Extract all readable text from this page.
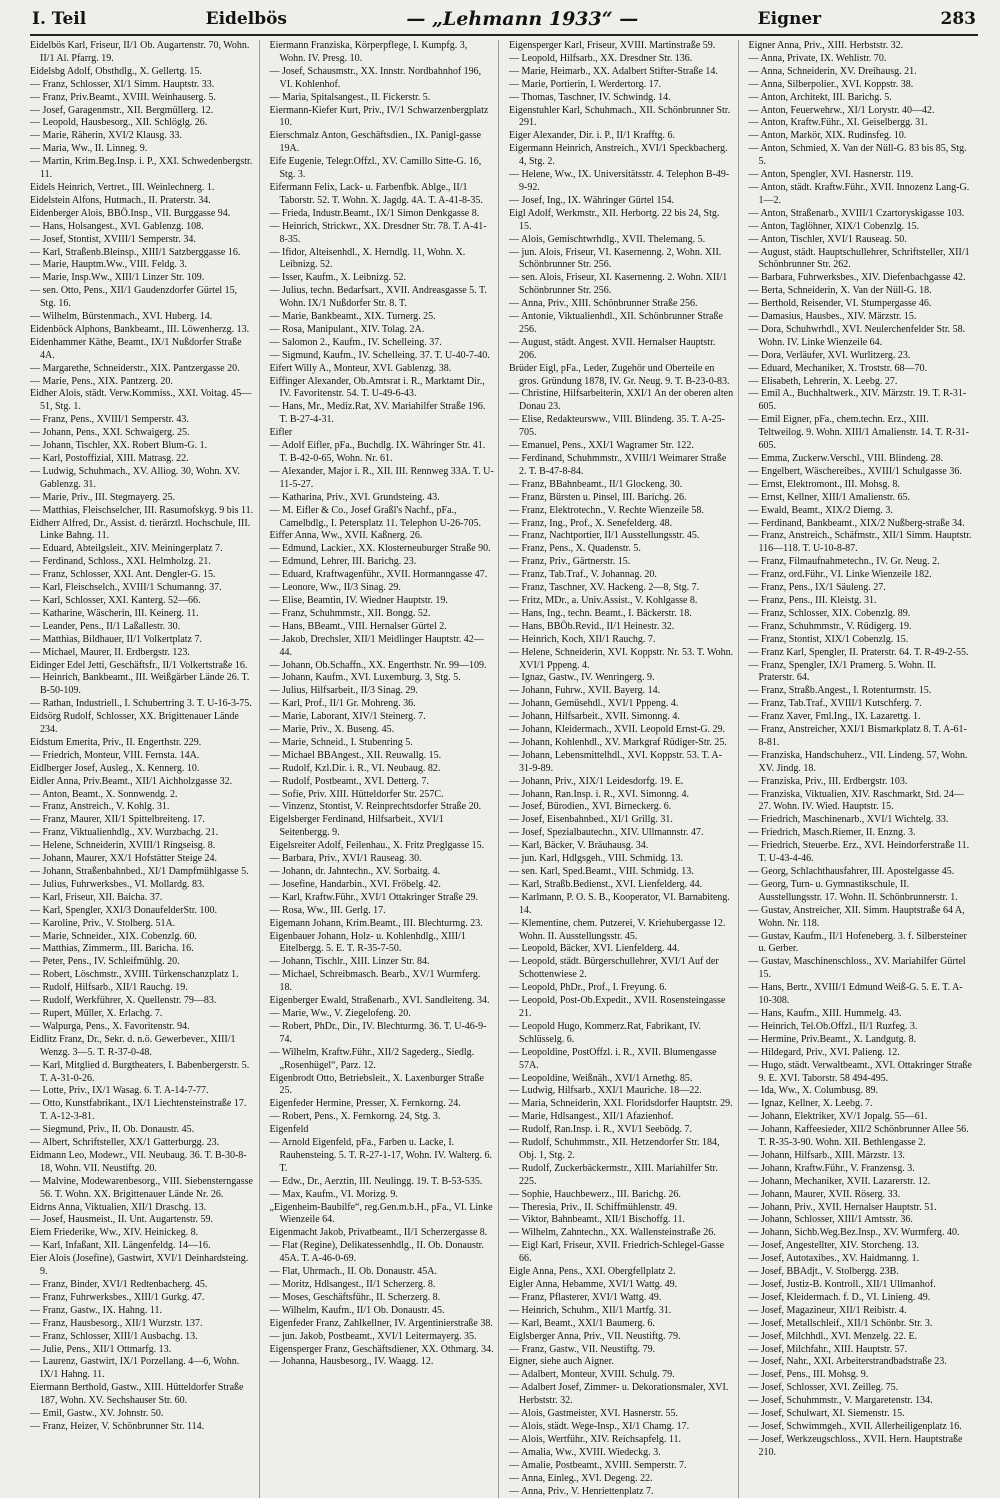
I. Teil	Eidelbös	— „Lehmann 1933“ —	Eigner	283

Eidelbös Karl, Friseur, II/1 Ob. Augartenstr. 70, Wohn. II/1 Al. Pfarrg. 19.

Eidelsbg Adolf, Obsthdlg., X. Gellertg. 15.

— Franz, Schlosser, XI/1 Simm. Hauptstr. 33.

— Franz, Priv.Beamt., XVIII. Weinhauserg. 5.

— Josef, Garagenmstr., XII. Bergmüllerg. 12.

— Leopold, Hausbesorg., XII. Schlöglg. 26.

— Marie, Räherin, XVI/2 Klausg. 33.

— Maria, Ww., II. Linneg. 9.

— Martin, Krim.Beg.Insp. i. P., XXI. Schwedenbergstr. 11.

Eidels Heinrich, Vertret., III. Weinlechnerg. 1.

Eidelstein Alfons, Hutmach., II. Praterstr. 34.

Eidenberger Alois, BBÖ.Insp., VII. Burggasse 94.

— Hans, Holsangest., XVI. Gablenzg. 108.

— Josef, Stontist, XVIII/1 Semperstr. 34.

— Karl, Straßenb.Bleinsp., XIII/1 Satzberggasse 16.

— Marie, Hauptm.Ww., VIII. Feldg. 3.

— Marie, Insp.Ww., XIII/1 Linzer Str. 109.

— sen. Otto, Pens., XII/1 Gaudenzdorfer Gürtel 15, Stg. 16.

— Wilhelm, Bürstenmach., XVI. Huberg. 14.

Eidenböck Alphons, Bankbeamt., III. Löwenherzg. 13.

Eidenhammer Käthe, Beamt., IX/1 Nußdorfer Straße 4A.

— Margarethe, Schneiderstr., XIX. Pantzergasse 20.

— Marie, Pens., XIX. Pantzerg. 20.

Eidher Alois, städt. Verw.Kommiss., XXI. Voitag. 45—51, Stg. 1.

— Franz, Pens., XVIII/1 Semperstr. 43.

— Johann, Pens., XXI. Schwaigerg. 25.

— Johann, Tischler, XX. Robert Blum-G. 1.

— Karl, Postoffizial, XIII. Matrasg. 22.

— Ludwig, Schuhmach., XV. Alliog. 30, Wohn. XV. Gablenzg. 31.

— Marie, Priv., III. Stegmayerg. 25.

— Matthias, Fleischselcher, III. Rasumofskyg. 9 bis 11.

Eidherr Alfred, Dr., Assist. d. tierärztl. Hochschule, III. Linke Bahng. 11.

— Eduard, Abteilgsleit., XIV. Meiningerplatz 7.

— Ferdinand, Schloss., XXI. Helmholzg. 21.

— Franz, Schlosser, XXI. Ant. Dengler-G. 15.

— Karl, Fleischselch., XVIII/1 Schumanng. 37.

— Karl, Schlosser, XXI. Kanterg. 52—66.

— Katharine, Wäscherin, III. Keinerg. 11.

— Leander, Pens., II/1 Laßallestr. 30.

— Matthias, Bildhauer, II/1 Volkertplatz 7.

— Michael, Maurer, II. Erdbergstr. 123.

Eidinger Edel Jetti, Geschäftsfr., II/1 Volkertstraße 16.

— Heinrich, Bankbeamt., III. Weißgärber Lände 26. T. B-50-109.

— Rathan, Industriell., I. Schubertring 3. T. U-16-3-75.

Eidsörg Rudolf, Schlosser, XX. Brigittenauer Lände 234.

Eidstum Emerita, Priv., II. Engerthstr. 229.

— Friedrich, Monteur, VIII. Fernsta. 14A.

Eidlberger Josef, Ausleg., X. Kennerg. 10.

Eidler Anna, Priv.Beamt., XII/1 Aichholzgasse 32.

— Anton, Beamt., X. Sonnwendg. 2.

— Franz, Anstreich., V. Kohlg. 31.

— Franz, Maurer, XII/1 Spittelbreiteng. 17.

— Franz, Viktualienhdlg., XV. Wurzbachg. 21.

— Helene, Schneiderin, XVIII/1 Ringseisg. 8.

— Johann, Maurer, XX/1 Hofstätter Steige 24.

— Johann, Straßenbahnbed., XI/1 Dampfmühlgasse 5.

— Julius, Fuhrwerksbes., VI. Mollardg. 83.

— Karl, Friseur, XII. Baicha. 37.

— Karl, Spengler, XXI/3 DonaufelderStr. 100.

— Karoline, Priv., V. Stolberg. 51A.

— Marie, Schneider., XIX. Cobenzlg. 60.

— Matthias, Zimmerm., III. Baricha. 16.

— Peter, Pens., IV. Schleifmühlg. 20.

— Robert, Löschmstr., XVIII. Türkenschanzplatz 1.

— Rudolf, Hilfsarb., XII/1 Rauchg. 19.

— Rudolf, Werkführer, X. Quellenstr. 79—83.

— Rupert, Müller, X. Erlachg. 7.

— Walpurga, Pens., X. Favoritenstr. 94.

Eidlitz Franz, Dr., Sekr. d. n.ö. Gewerbever., XIII/1 Wenzg. 3—5. T. R-37-0-48.

— Karl, Mitglied d. Burgtheaters, I. Babenbergerstr. 5. T. A-31-0-26.

— Lotte, Priv., IX/1 Wasag. 6. T. A-14-7-77.

— Otto, Kunstfabrikant., IX/1 Liechtensteinstraße 17. T. A-12-3-81.

— Siegmund, Priv., II. Ob. Donaustr. 45.

— Albert, Schriftsteller, XX/1 Gatterburgg. 23.

Eidmann Leo, Modewr., VII. Neubaug. 36. T. B-30-8-18, Wohn. VII. Neustiftg. 20.

— Malvine, Modewarenbesorg., VIII. Siebensterngasse 56. T. Wohn. XX. Brigittenauer Lände Nr. 26.

Eidrns Anna, Viktualien, XII/1 Draschg. 13.

— Josef, Hausmeist., II. Unt. Augartenstr. 59.

Eiem Friederike, Ww., XIV. Heinickeg. 8.

— Karl, Infaßant, XII. Längenfeldg. 14—16.

Eier Alois (Josefine), Gastwirt, XVI/1 Deinhardsteing. 9.

— Franz, Binder, XVI/1 Redtenbacherg. 45.

— Franz, Fuhrwerksbes., XIII/1 Gurkg. 47.

— Franz, Gastw., IX. Hahng. 11.

— Franz, Hausbesorg., XII/1 Wurzstr. 137.

— Franz, Schlosser, XIII/1 Ausbachg. 13.

— Julie, Pens., XII/1 Ottmarfg. 13.

— Laurenz, Gastwirt, IX/1 Porzellang. 4—6, Wohn. IX/1 Hahng. 11.

Eiermann Berthold, Gastw., XIII. Hütteldorfer Straße 187, Wohn. XV. Sechshauser Str. 60.

— Emil, Gastw., XV. Johnstr. 50.

— Franz, Heizer, V. Schönbrunner Str. 114.

Eiermann Franziska, Körperpflege, I. Kumpfg. 3, Wohn. IV. Presg. 10.

— Josef, Schausmstr., XX. Innstr. Nordbahnhof 196, VI. Kohlenhof.

— Maria, Spitalsangest., II. Fickerstr. 5.

Eiermann-Kiefer Kurt, Priv., IV/1 Schwarzenbergplatz 10.

Eierschmalz Anton, Geschäftsdien., IX. Panigl-gasse 19A.

Eife Eugenie, Telegr.Offzl., XV. Camillo Sitte-G. 16, Stg. 3.

Eifermann Felix, Lack- u. Farbenfbk. Ablge., II/1 Taborstr. 52. T. Wohn. X. Jagdg. 4A. T. A-41-8-35.

— Frieda, Industr.Beamt., IX/1 Simon Denkgasse 8.

— Heinrich, Strickwr., XX. Dresdner Str. 78. T. A-41-8-35.

— Ifidor, Alteisenhdl., X. Herndlg. 11, Wohn. X. Leibnizg. 52.

— Isser, Kaufm., X. Leibnizg. 52.

— Julius, techn. Bedarfsart., XVII. Andreasgasse 5. T. Wohn. IX/1 Nußdorfer Str. 8. T.

— Marie, Bankbeamt., XIX. Turnerg. 25.

— Rosa, Manipulant., XIV. Tolag. 2A.

— Salomon 2., Kaufm., IV. Schelleing. 37.

— Sigmund, Kaufm., IV. Schelleing. 37. T. U-40-7-40.

Eifert Willy A., Monteur, XVI. Gablenzg. 38.

Eiffinger Alexander, Ob.Amtsrat i. R., Marktamt Dir., IV. Favoritenstr. 54. T. U-49-6-43.

— Hans, Mr., Mediz.Rat, XV. Mariahilfer Straße 196. T. B-27-4-31.

Eifler

— Adolf Eifler, pFa., Buchdlg. IX. Währinger Str. 41. T. B-42-0-65, Wohn. Nr. 61.

— Alexander, Major i. R., XII. III. Rennweg 33A. T. U-11-5-27.

— Katharina, Priv., XVI. Grundsteing. 43.

— M. Eifler & Co., Josef Graßl's Nachf., pFa., Camelbdlg., I. Petersplatz 11. Telephon U-26-705.

Eiffer Anna, Ww., XVII. Kaßnerg. 26.

— Edmund, Lackier., XX. Klosterneuburger Straße 90.

— Edmund, Lehrer, III. Barichg. 23.

— Eduard, Kraftwagenführ., XVII. Hormanngasse 47.

— Leonore, Ww., II/3 Sinag. 29.

— Elise, Beamtin, IV. Wiedner Hauptstr. 19.

— Franz, Schuhmmstr., XII. Bongg. 52.

— Hans, BBeamt., VIII. Hernalser Gürtel 2.

— Jakob, Drechsler, XII/1 Meidlinger Hauptstr. 42—44.

— Johann, Ob.Schaffn., XX. Engerthstr. Nr. 99—109.

— Johann, Kaufm., XVI. Luxemburg. 3, Stg. 5.

— Julius, Hilfsarbeit., II/3 Sinag. 29.

— Karl, Prof., II/1 Gr. Mohreng. 36.

— Marie, Laborant, XIV/1 Steinerg. 7.

— Marie, Priv., X. Buseng. 45.

— Marie, Schneid., I. Stubenring 5.

— Michael BBAngest., XII. Reuwallg. 15.

— Rudolf, Kzl.Dir. i. R., VI. Neubaug. 82.

— Rudolf, Postbeamt., XVI. Detterg. 7.

— Sofie, Priv. XIII. Hütteldorfer Str. 257C.

— Vinzenz, Stontist, V. Reinprechtsdorfer Straße 20.

Eigelsberger Ferdinand, Hilfsarbeit., XVI/1 Seitenbergg. 9.

Eigelsreiter Adolf, Feilenhau., X. Fritz Preglgasse 15.

— Barbara, Priv., XVI/1 Rauseag. 30.

— Johann, dr. Jahntechn., XV. Sorbaitg. 4.

— Josefine, Handarbin., XVI. Fröbelg. 42.

— Karl, Kraftw.Führ., XVI/1 Ottakringer Straße 29.

— Rosa, Ww., III. Gerlg. 17.

Eigemann Johann, Krim.Beamt., III. Blechturmg. 23.

Eigenbauer Johann, Holz- u. Kohlenhdlg., XIII/1 Eitelbergg. 5. E. T. R-35-7-50.

— Johann, Tischlr., XIII. Linzer Str. 84.

— Michael, Schreibmasch. Bearb., XV/1 Wurmferg. 18.

Eigenberger Ewald, Straßenarb., XVI. Sandleiteng. 34.

— Marie, Ww., V. Ziegelofeng. 20.

— Robert, PhDr., Dir., IV. Blechturmg. 36. T. U-46-9-74.

— Wilhelm, Kraftw.Führ., XII/2 Sagederg., Siedlg. „Rosenhügel“, Parz. 12.

Eigenbrodt Otto, Betriebsleit., X. Laxenburger Straße 25.

Eigenfeder Hermine, Presser, X. Fernkorng. 24.

— Robert, Pens., X. Fernkorng. 24, Stg. 3.

Eigenfeld

— Arnold Eigenfeld, pFa., Farben u. Lacke, I. Rauhensteing. 5. T. R-27-1-17, Wohn. IV. Walterg. 6. T.

— Edw., Dr., Aerztin, III. Neulingg. 19. T. B-53-535.

— Max, Kaufm., VI. Morizg. 9.

„Eigenheim-Baubilfe“, reg.Gen.m.b.H., pFa., VI. Linke Wienzeile 64.

Eigenmacht Jakob, Privatbeamt., II/1 Scherzergasse 8.

— Flat (Regine), Delikatessenhdlg., II. Ob. Donaustr. 45A. T. A-46-0-69.

— Flat, Uhrmach., II. Ob. Donaustr. 45A.

— Moritz, Hdlsangest., II/1 Scherzerg. 8.

— Moses, Geschäftsführ., II. Scherzerg. 8.

— Wilhelm, Kaufm., II/1 Ob. Donaustr. 45.

Eigenfeder Franz, Zahlkellner, IV. Argentinierstraße 38.

— jun. Jakob, Postbeamt., XVI/1 Leitermayerg. 35.

Eigensperger Franz, Geschäftsdiener, XX. Othmarg. 34.

— Johanna, Hausbesorg., IV. Waagg. 12.

Eigensperger Karl, Friseur, XVIII. Martinstraße 59.

— Leopold, Hilfsarb., XX. Dresdner Str. 136.

— Marie, Heimarb., XX. Adalbert Stifter-Straße 14.

— Marie, Portierin, I. Werdertorg. 17.

— Thomas, Taschner, IV. Schwindg. 14.

Eigenstuhler Karl, Schuhmach., XII. Schönbrunner Str. 291.

Eiger Alexander, Dir. i. P., II/1 Krafftg. 6.

Eigermann Heinrich, Anstreich., XVI/1 Speckbacherg. 4, Stg. 2.

— Helene, Ww., IX. Universitätsstr. 4. Telephon B-49-9-92.

— Josef, Ing., IX. Währinger Gürtel 154.

Eigl Adolf, Werkmstr., XII. Herbortg. 22 bis 24, Stg. 15.

— Alois, Gemischtwrhdlg., XVII. Thelemang. 5.

— jun. Alois, Friseur, VI. Kasernenng. 2, Wohn. XII. Schönbrunner Str. 256.

— sen. Alois, Friseur, XI. Kasernenng. 2. Wohn. XII/1 Schönbrunner Str. 256.

— Anna, Priv., XIII. Schönbrunner Straße 256.

— Antonie, Viktualienhdl., XII. Schönbrunner Straße 256.

— August, städt. Angest. XVII. Hernalser Hauptstr. 206.

Brüder Eigl, pFa., Leder, Zugehör und Oberteile en gros. Gründung 1878, IV. Gr. Neug. 9. T. B-23-0-83.

— Christine, Hilfsarbeiterin, XXI/1 An der oberen alten Donau 23.

— Elise, Redakteursww., VIII. Blindeng. 35. T. A-25-705.

— Emanuel, Pens., XXI/1 Wagramer Str. 122.

— Ferdinand, Schuhmmstr., XVIII/1 Weimarer Straße 2. T. B-47-8-84.

— Franz, BBahnbeamt., II/1 Glockeng. 30.

— Franz, Bürsten u. Pinsel, III. Barichg. 26.

— Franz, Elektrotechn., V. Rechte Wienzeile 58.

— Franz, Ing., Prof., X. Senefelderg. 48.

— Franz, Nachtportier, II/1 Ausstellungsstr. 45.

— Franz, Pens., X. Quadenstr. 5.

— Franz, Priv., Gärtnerstr. 15.

— Franz, Tab.Traf., V. Johannag. 20.

— Franz, Taschner, XV. Hackeng. 2—8, Stg. 7.

— Fritz, MDr., a. Univ.Assist., V. Kohlgasse 8.

— Hans, Ing., techn. Beamt., I. Bäckerstr. 18.

— Hans, BBÖb.Revid., II/1 Heinestr. 32.

— Heinrich, Koch, XII/1 Rauchg. 7.

— Helene, Schneiderin, XVI. Koppstr. Nr. 53. T. Wohn. XVI/1 Pppeng. 4.

— Ignaz, Gastw., IV. Wenringerg. 9.

— Johann, Fuhrw., XVII. Bayerg. 14.

— Johann, Gemüsehdl., XVI/1 Pppeng. 4.

— Johann, Hilfsarbeit., XVII. Simonng. 4.

— Johann, Kleidermach., XVII. Leopold Ernst-G. 29.

— Johann, Kohlenhdl., XV. Markgraf Rüdiger-Str. 25.

— Johann, Lebensmittelhdl., XVI. Koppstr. 53. T. A-31-9-89.

— Johann, Priv., XIX/1 Leidesdorfg. 19. E.

— Johann, Ran.Insp. i. R., XVI. Simonng. 4.

— Josef, Bürodien., XVI. Birneckerg. 6.

— Josef, Eisenbahnbed., XI/1 Grillg. 31.

— Josef, Spezialbautechn., XIV. Ullmannstr. 47.

— Karl, Bäcker, V. Bräuhausg. 34.

— jun. Karl, Hdlgsgeh., VIII. Schmidg. 13.

— sen. Karl, Sped.Beamt., VIII. Schmidg. 13.

— Karl, Straßb.Bedienst., XVI. Lienfelderg. 44.

— Karlmann, P. O. S. B., Kooperator, VI. Barnabiteng. 14.

— Klementine, chem. Putzerei, V. Kriehubergasse 12. Wohn. II. Ausstellungsstr. 45.

— Leopold, Bäcker, XVI. Lienfelderg. 44.

— Leopold, städt. Bürgerschullehrer, XVI/1 Auf der Schottenwiese 2.

— Leopold, PhDr., Prof., I. Freyung. 6.

— Leopold, Post-Ob.Expedit., XVII. Rosensteingasse 21.

— Leopold Hugo, Kommerz.Rat, Fabrikant, IV. Schlüsselg. 6.

— Leopoldine, PostOffzl. i. R., XVII. Blumengasse 57A.

— Leopoldine, Weißnäh., XVI/1 Arnethg. 85.

— Ludwig, Hilfsarb., XXI/1 Mauriche. 18—22.

— Maria, Schneiderin, XXI. Floridsdorfer Hauptstr. 29.

— Marie, Hdlsangest., XII/1 Afazienhof.

— Rudolf, Ran.Insp. i. R., XVI/1 Seebödg. 7.

— Rudolf, Schuhmmstr., XII. Hetzendorfer Str. 184, Obj. 1, Stg. 2.

— Rudolf, Zuckerbäckermstr., XIII. Mariahilfer Str. 225.

— Sophie, Hauchbewerz., III. Barichg. 26.

— Theresia, Priv., II. Schiffmühlenstr. 49.

— Viktor, Bahnbeamt., XII/1 Bischoffg. 11.

— Wilhelm, Zahntechn., XX. Wallensteinstraße 26.

— Eigl Karl, Friseur, XVII. Friedrich-Schlegel-Gasse 66.

Eigle Anna, Pens., XXI. Obergfellplatz 2.

Eigler Anna, Hebamme, XVI/1 Wattg. 49.

— Franz, Pflasterer, XVI/1 Wattg. 49.

— Heinrich, Schuhm., XII/1 Martfg. 31.

— Karl, Beamt., XXI/1 Baumerg. 6.

Eiglsberger Anna, Priv., VII. Neustiftg. 79.

— Franz, Gastw., VII. Neustiftg. 79.

Eigner, siehe auch Aigner.

— Adalbert, Monteur, XVIII. Schulg. 79.

— Adalbert Josef, Zimmer- u. Dekorationsmaler, XVI. Herbststr. 32.

— Alois, Gastmeister, XVI. Hasnerstr. 55.

— Alois, städt. Wege-Insp., XI/1 Chamg. 17.

— Alois, Wertführ., XIV. Reichsapfelg. 11.

— Amalia, Ww., XVIII. Wiedeckg. 3.

— Amalie, Postbeamt., XVIII. Semperstr. 7.

— Anna, Einleg., XVI. Degeng. 22.

— Anna, Priv., V. Henriettenplatz 7.

Eigner Anna, Priv., XIII. Herbststr. 32.

— Anna, Private, IX. Wehlistr. 70.

— Anna, Schneiderin, XV. Dreihausg. 21.

— Anna, Silberpolier., XVI. Koppstr. 38.

— Anton, Architekt, III. Barichg. 5.

— Anton, Feuerwehrw., XI/1 Lorystr. 40—42.

— Anton, Kraftw.Führ., XI. Geiselbergg. 31.

— Anton, Markör, XIX. Rudinsfeg. 10.

— Anton, Schmied, X. Van der Nüll-G. 83 bis 85, Stg. 5.

— Anton, Spengler, XVI. Hasnerstr. 119.

— Anton, städt. Kraftw.Führ., XVII. Innozenz Lang-G. 1—2.

— Anton, Straßenarb., XVIII/1 Czartoryskigasse 103.

— Anton, Taglöhner, XIX/1 Cobenzlg. 15.

— Anton, Tischler, XVI/1 Rauseag. 50.

— August, städt. Hauptschullehrer, Schriftsteller, XII/1 Schönbrunner Str. 262.

— Barbara, Fuhrwerksbes., XIV. Diefenbachgasse 42.

— Berta, Schneiderin, X. Van der Nüll-G. 18.

— Berthold, Reisender, VI. Stumpergasse 46.

— Damasius, Hausbes., XIV. Märzstr. 15.

— Dora, Schuhwrhdl., XVI. Neulerchenfelder Str. 58. Wohn. IV. Linke Wienzeile 64.

— Dora, Verläufer, XVI. Wurlitzerg. 23.

— Eduard, Mechaniker, X. Troststr. 68—70.

— Elisabeth, Lehrerin, X. Leebg. 27.

— Emil A., Buchhaltwerk., XIV. Märzstr. 19. T. R-31-605.

— Emil Eigner, pFa., chem.techn. Erz., XIII. Teltweilog. 9. Wohn. XIII/1 Amalienstr. 14. T. R-31-605.

— Emma, Zuckerw.Verschl., VIII. Blindeng. 28.

— Engelbert, Wäschereibes., XVIII/1 Schulgasse 36.

— Ernst, Elektromont., III. Mohsg. 8.

— Ernst, Kellner, XIII/1 Amalienstr. 65.

— Ewald, Beamt., XIX/2 Diemg. 3.

— Ferdinand, Bankbeamt., XIX/2 Nußberg-straße 34.

— Franz, Anstreich., Schäfmstr., XII/1 Simm. Hauptstr. 116—118. T. U-10-8-87.

— Franz, Filmaufnahmetechn., IV. Gr. Neug. 2.

— Franz, ord.Führ., VI. Linke Wienzeile 182.

— Franz, Pens., IX/1 Säuleng. 27.

— Franz, Pens., III. Kleistg. 31.

— Franz, Schlosser, XIX. Cobenzlg. 89.

— Franz, Schuhmmstr., V. Rüdigerg. 19.

— Franz, Stontist, XIX/1 Cobenzlg. 15.

— Franz Karl, Spengler, II. Praterstr. 64. T. R-49-2-55.

— Franz, Spengler, IX/1 Pramerg. 5. Wohn. II. Praterstr. 64.

— Franz, Straßb.Angest., I. Rotenturmstr. 15.

— Franz, Tab.Traf., XVIII/1 Kutschferg. 7.

— Franz Xaver, Fml.Ing., IX. Lazarettg. 1.

— Franz, Anstreicher, XXI/1 Bismarkplatz 8. T. A-61-8-81.

— Franziska, Handschuherz., VII. Lindeng. 57, Wohn. XV. Jindg. 18.

— Franziska, Priv., III. Erdbergstr. 103.

— Franziska, Viktualien, XIV. Raschmarkt, Std. 24—27. Wohn. IV. Wied. Hauptstr. 15.

— Friedrich, Maschinenarb., XVI/1 Wichtelg. 33.

— Friedrich, Masch.Riemer, II. Enzng. 3.

— Friedrich, Steuerbe. Erz., XVI. Heindorferstraße 11. T. U-43-4-46.

— Georg, Schlachthausfahrer, III. Apostelgasse 45.

— Georg, Turn- u. Gymnastikschule, II. Ausstellungsstr. 17. Wohn. II. Schönbrunnerstr. 1.

— Gustav, Anstreicher, XII. Simm. Hauptstraße 64 A, Wohn. Nr. 118.

— Gustav, Kaufm., II/1 Hofeneberg. 3. f. Silbersteiner u. Gerber.

— Gustav, Maschinenschloss., XV. Mariahilfer Gürtel 15.

— Hans, Bertr., XVIII/1 Edmund Weiß-G. 5. E. T. A-10-308.

— Hans, Kaufm., XIII. Hummelg. 43.

— Heinrich, Tel.Ob.Offzl., II/1 Ruzfeg. 3.

— Hermine, Priv.Beamt., X. Landgutg. 8.

— Hildegard, Priv., XVI. Palieng. 12.

— Hugo, städt. Verwaltbeamt., XVI. Ottakringer Straße 9. E. XVI. Taborstr. 58 494-495.

— Ida, Ww., X. Columbusg. 89.

— Ignaz, Kellner, X. Leebg. 7.

— Johann, Elektriker, XV/1 Jopalg. 55—61.

— Johann, Kaffeesieder, XII/2 Schönbrunner Allee 56. T. R-35-3-90. Wohn. XII. Bethlengasse 2.

— Johann, Hilfsarb., XIII. Märzstr. 13.

— Johann, Kraftw.Führ., V. Franzensg. 3.

— Johann, Mechaniker, XVII. Lazarerstr. 12.

— Johann, Maurer, XVII. Röserg. 33.

— Johann, Priv., XVII. Hernalser Hauptstr. 51.

— Johann, Schlosser, XIII/1 Amtsstr. 36.

— Johann, Sichb.Weg.Bez.Insp., XV. Wurmferg. 40.

— Josef, Angestellter, XIV. Storcheng. 13.

— Josef, Autotaxibes., XV. Haidmanng. 1.

— Josef, BBAdjt., V. Stolbergg. 23B.

— Josef, Justiz-B. Kontroll., XII/1 Ullmanhof.

— Josef, Kleidermach. f. D., VI. Linieng. 49.

— Josef, Magazineur, XII/1 Reibistr. 4.

— Josef, Metallschleif., XII/1 Schönbr. Str. 3.

— Josef, Milchhdl., XVI. Menzelg. 22. E.

— Josef, Milchfahr., XIII. Hauptstr. 57.

— Josef, Nahr., XXI. Arbeiterstrandbadstraße 23.

— Josef, Pens., III. Mohsg. 9.

— Josef, Schlosser, XVI. Zeilleg. 75.

— Josef, Schuhmmstr., V. Margaretenstr. 134.

— Josef, Schulwart, XI. Siemenstr. 15.

— Josef, Schwimmgeh., XVII. Allerheiligenplatz 16.

— Josef, Werkzeugschloss., XVII. Hern. Hauptstraße 210.
